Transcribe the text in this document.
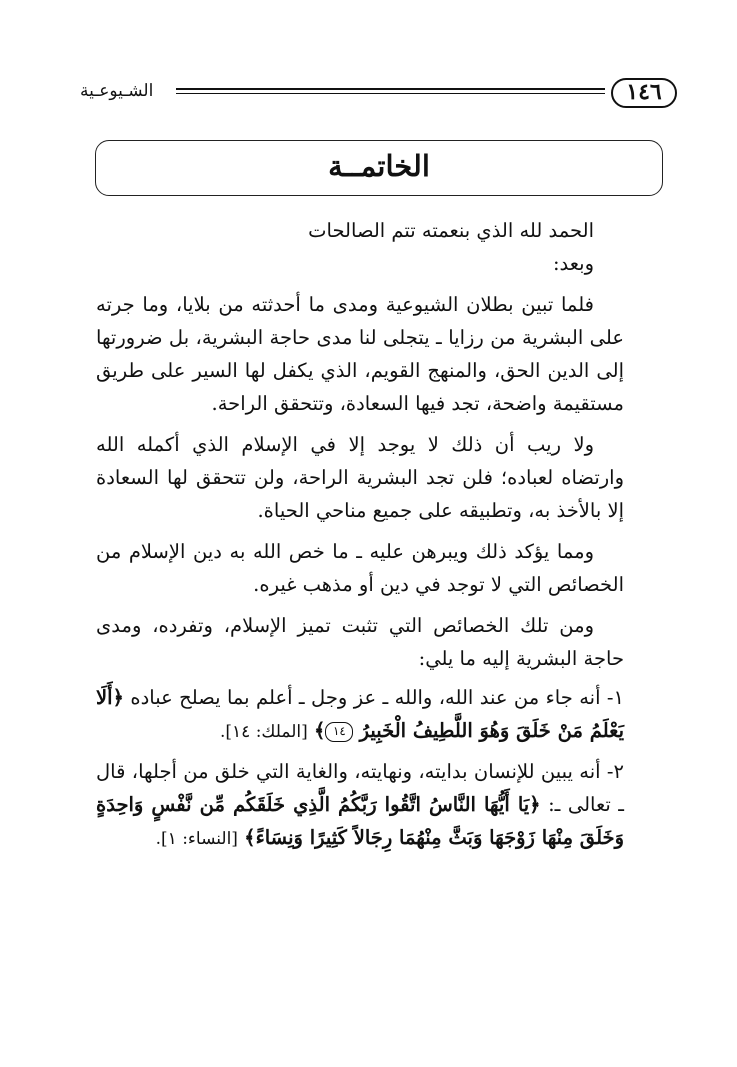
١٤٦
الشـيوعـية
الخاتمــة

الحمد لله الذي بنعمته تتم الصالحات

وبعد:

فلما تبين بطلان الشيوعية ومدى ما أحدثته من بلايا، وما جرته على البشرية من رزايا ـ يتجلى لنا مدى حاجة البشرية، بل ضرورتها إلى الدين الحق، والمنهج القويم، الذي يكفل لها السير على طريق مستقيمة واضحة، تجد فيها السعادة، وتتحقق الراحة.

ولا ريب أن ذلك لا يوجد إلا في الإسلام الذي أكمله الله وارتضاه لعباده؛ فلن تجد البشرية الراحة، ولن تتحقق لها السعادة إلا بالأخذ به، وتطبيقه على جميع مناحي الحياة.

ومما يؤكد ذلك ويبرهن عليه ـ ما خص الله به دين الإسلام من الخصائص التي لا توجد في دين أو مذهب غيره.

ومن تلك الخصائص التي تثبت تميز الإسلام، وتفرده، ومدى حاجة البشرية إليه ما يلي:

١- أنه جاء من عند الله، والله ـ عز وجل ـ أعلم بما يصلح عباده ﴿أَلَا يَعْلَمُ مَنْ خَلَقَ وَهُوَ اللَّطِيفُ الْخَبِيرُ ١٤﴾ [الملك: ١٤].

٢- أنه يبين للإنسان بدايته، ونهايته، والغاية التي خلق من أجلها، قال ـ تعالى ـ: ﴿يَا أَيُّهَا النَّاسُ اتَّقُوا رَبَّكُمُ الَّذِي خَلَقَكُم مِّن نَّفْسٍ وَاحِدَةٍ وَخَلَقَ مِنْهَا زَوْجَهَا وَبَثَّ مِنْهُمَا رِجَالاً كَثِيرًا وَنِسَاءً﴾ [النساء: ١].
